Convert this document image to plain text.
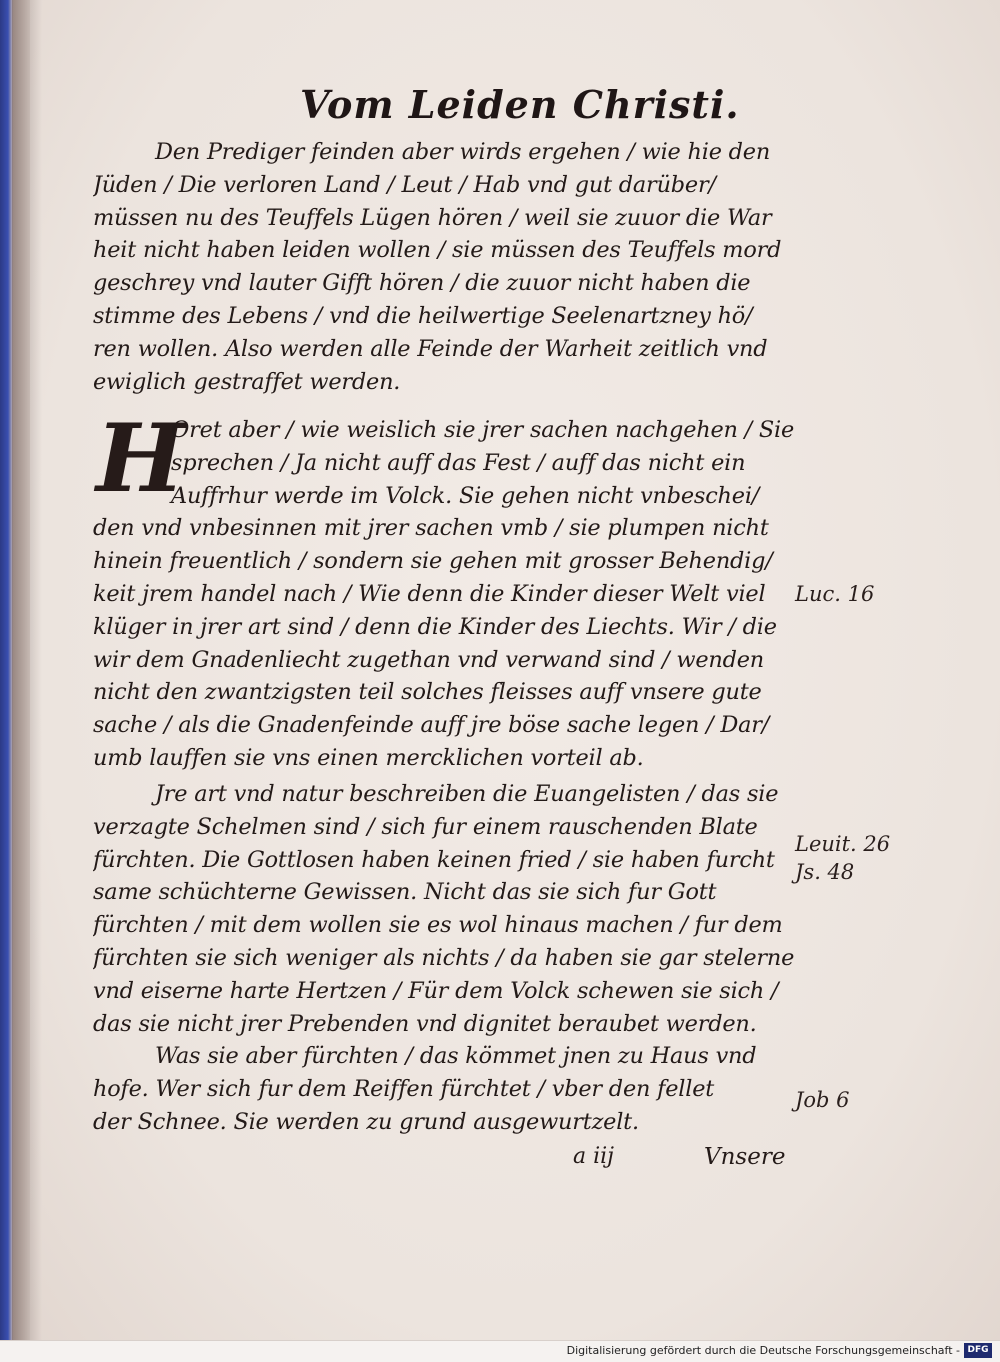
Vom Leiden Christi.
Den Prediger feinden aber wirds ergehen / wie hie den
Jüden / Die verloren Land / Leut / Hab vnd gut darüber/
müssen nu des Teuffels Lügen hören / weil sie zuuor die War
heit nicht haben leiden wollen / sie müssen des Teuffels mord
geschrey vnd lauter Gifft hören / die zuuor nicht haben die
stimme des Lebens / vnd die heilwertige Seelenartzney hö/
ren wollen. Also werden alle Feinde der Warheit zeitlich vnd
ewiglich gestraffet werden.
H
Oret aber / wie weislich sie jrer sachen nachgehen / Sie
sprechen / Ja nicht auff das Fest / auff das nicht ein
Auffrhur werde im Volck. Sie gehen nicht vnbeschei/
den vnd vnbesinnen mit jrer sachen vmb / sie plumpen nicht
hinein freuentlich / sondern sie gehen mit grosser Behendig/
keit jrem handel nach / Wie denn die Kinder dieser Welt viel
klüger in jrer art sind / denn die Kinder des Liechts. Wir / die
wir dem Gnadenliecht zugethan vnd verwand sind / wenden
nicht den zwantzigsten teil solches fleisses auff vnsere gute
sache / als die Gnadenfeinde auff jre böse sache legen / Dar/
umb lauffen sie vns einen mercklichen vorteil ab.
Jre art vnd natur beschreiben die Euangelisten / das sie
verzagte Schelmen sind / sich fur einem rauschenden Blate
fürchten. Die Gottlosen haben keinen fried / sie haben furcht
same schüchterne Gewissen. Nicht das sie sich fur Gott
fürchten / mit dem wollen sie es wol hinaus machen / fur dem
fürchten sie sich weniger als nichts / da haben sie gar stelerne
vnd eiserne harte Hertzen / Für dem Volck schewen sie sich /
das sie nicht jrer Prebenden vnd dignitet beraubet werden.
Was sie aber fürchten / das kömmet jnen zu Haus vnd
hofe. Wer sich fur dem Reiffen fürchtet / vber den fellet
der Schnee. Sie werden zu grund ausgewurtzelt.
Luc. 16
Leuit. 26
Js. 48
Job 6
a iij	Vnsere
Digitalisierung gefördert durch die Deutsche Forschungsgemeinschaft - DFG
